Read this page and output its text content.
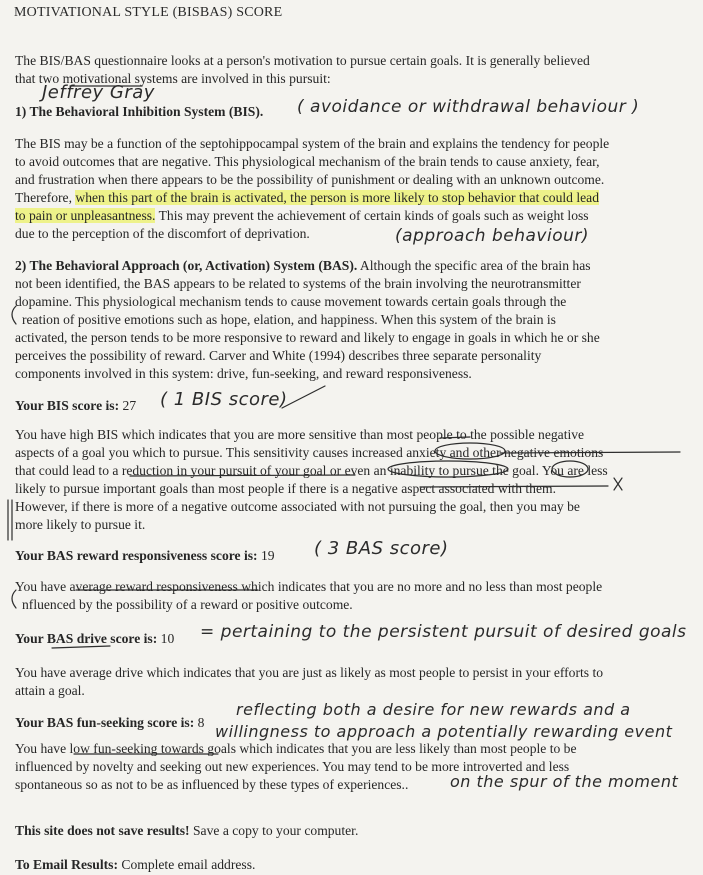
MOTIVATIONAL STYLE (BISBAS) SCORE
The BIS/BAS questionnaire looks at a person's motivation to pursue certain goals. It is generally believed
that two motivational systems are involved in this pursuit:
Jeffrey Gray
1) The Behavioral Inhibition System (BIS). ( avoidance or withdrawal behaviour )
The BIS may be a function of the septohippocampal system of the brain and explains the tendency for people
to avoid outcomes that are negative. This physiological mechanism of the brain tends to cause anxiety, fear,
and frustration when there appears to be the possibility of punishment or dealing with an unknown outcome.
Therefore, when this part of the brain is activated, the person is more likely to stop behavior that could lead
to pain or unpleasantness. This may prevent the achievement of certain kinds of goals such as weight loss
due to the perception of the discomfort of deprivation.	(approach behaviour)
2) The Behavioral Approach (or, Activation) System (BAS). Although the specific area of the brain has
not been identified, the BAS appears to be related to systems of the brain involving the neurotransmitter
dopamine. This physiological mechanism tends to cause movement towards certain goals through the
reation of positive emotions such as hope, elation, and happiness. When this system of the brain is
activated, the person tends to be more responsive to reward and likely to engage in goals in which he or she
perceives the possibility of reward. Carver and White (1994) describes three separate personality
components involved in this system: drive, fun-seeking, and reward responsiveness.
Your BIS score is: 27 ( 1 BIS score)
You have high BIS which indicates that you are more sensitive than most people to the possible negative
aspects of a goal you which to pursue. This sensitivity causes increased anxiety and other negative emotions
that could lead to a reduction in your pursuit of your goal or even an inability to pursue the goal. You are less
likely to pursue important goals than most people if there is a negative aspect associated with them.
However, if there is more of a negative outcome associated with not pursuing the goal, then you may be
more likely to pursue it.
Your BAS reward responsiveness score is: 19 ( 3 BAS score)
You have average reward responsiveness which indicates that you are no more and no less than most people
nfluenced by the possibility of a reward or positive outcome.
Your BAS drive score is: 10 = pertaining to the persistent pursuit of desired goals
You have average drive which indicates that you are just as likely as most people to persist in your efforts to
attain a goal.
Your BAS fun-seeking score is: 8
reflecting both a desire for new rewards and a
willingness to approach a potentially rewarding event
You have low fun-seeking towards goals which indicates that you are less likely than most people to be
influenced by novelty and seeking out new experiences. You may tend to be more introverted and less
spontaneous so as not to be as influenced by these types of experiences..	on the spur of the moment
This site does not save results! Save a copy to your computer.
To Email Results: Complete email address.
